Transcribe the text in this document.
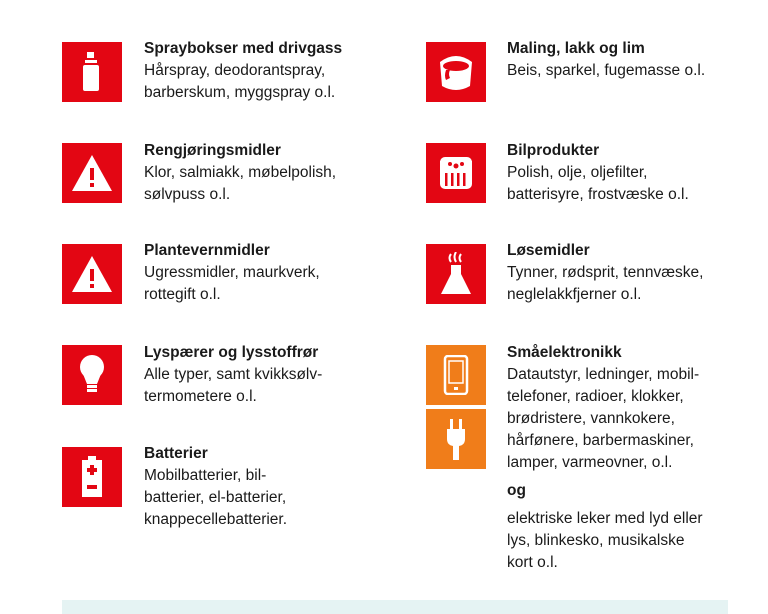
Spraybokser med drivgass

Hårspray, deodorantspray,

barberskum, myggspray o.l.

Rengjøringsmidler

Klor, salmiakk, møbelpolish,

sølvpuss o.l.

Plantevernmidler

Ugressmidler, maurkverk,

rottegift o.l.

Lyspærer og lysstoffrør

Alle typer, samt kvikksølv-

termometere o.l.

Batterier

Mobilbatterier, bil-

batterier, el-batterier,

knappecellebatterier.

Maling, lakk og lim

Beis, sparkel, fugemasse o.l.

Bilprodukter

Polish, olje, oljefilter,

batterisyre, frostvæske o.l.

Løsemidler

Tynner, rødsprit, tennvæske,

neglelakkfjerner o.l.

Småelektronikk

Datautstyr, ledninger, mobil-

telefoner, radioer, klokker,

brødristere, vannkokere,

hårfønere, barbermaskiner,

lamper, varmeovner, o.l.

og

elektriske leker med lyd eller

lys, blinkesko, musikalske

kort o.l.
